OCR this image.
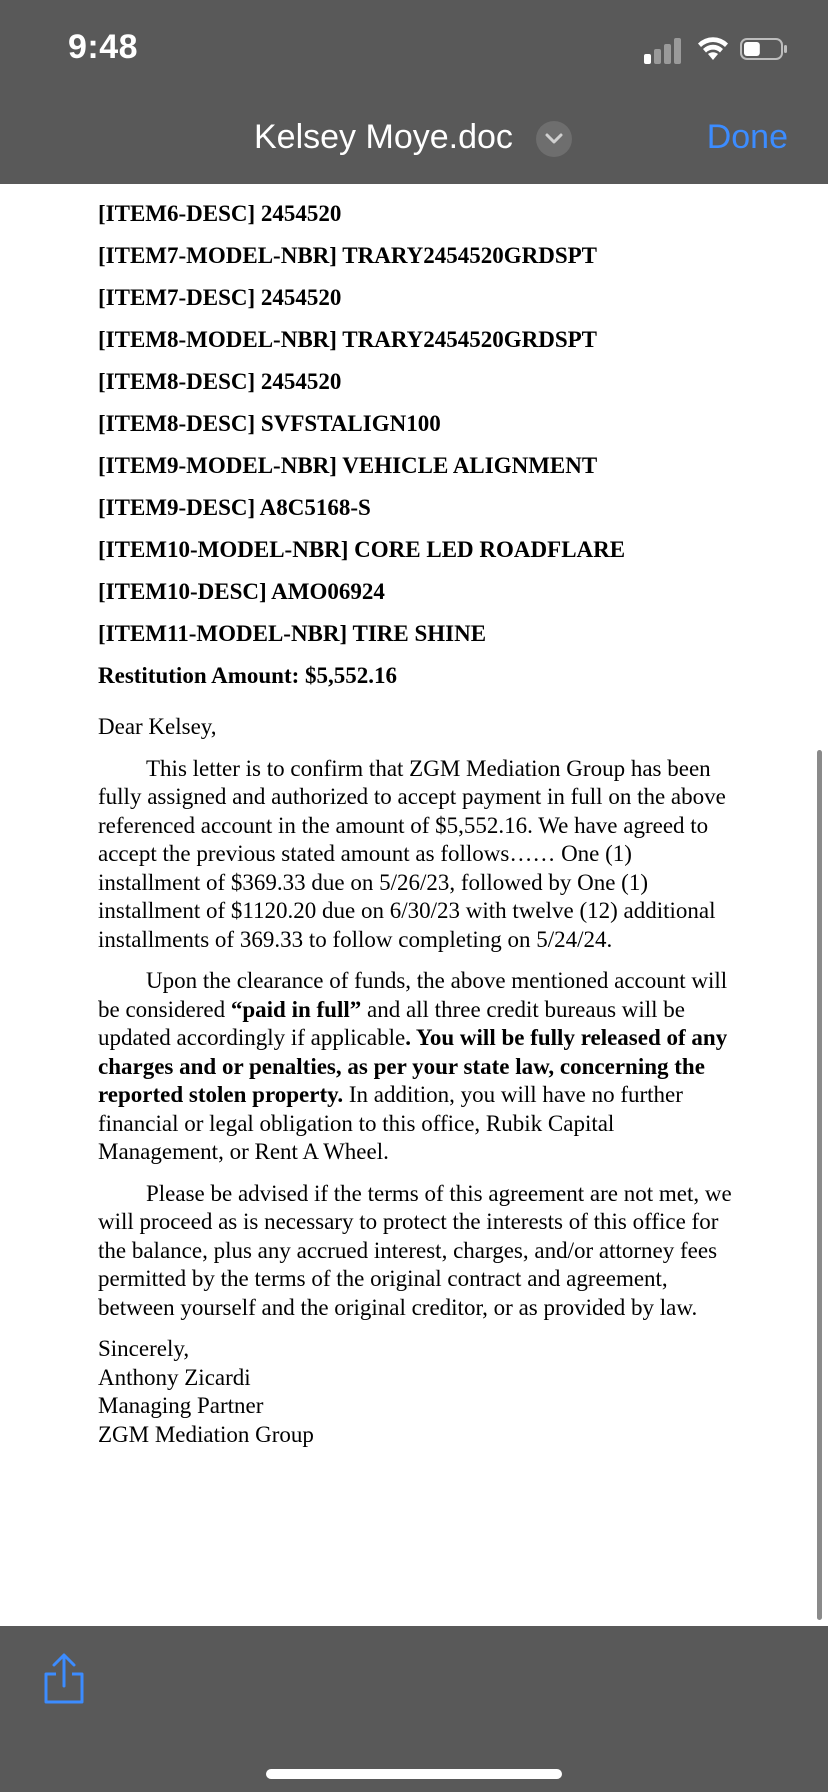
9:48
Kelsey Moye.doc	Done
[ITEM6-DESC] 2454520
[ITEM7-MODEL-NBR] TRARY2454520GRDSPT
[ITEM7-DESC] 2454520
[ITEM8-MODEL-NBR] TRARY2454520GRDSPT
[ITEM8-DESC] 2454520
[ITEM8-DESC] SVFSTALIGN100
[ITEM9-MODEL-NBR] VEHICLE ALIGNMENT
[ITEM9-DESC] A8C5168-S
[ITEM10-MODEL-NBR] CORE LED ROADFLARE
[ITEM10-DESC] AMO06924
[ITEM11-MODEL-NBR] TIRE SHINE
Restitution Amount: $5,552.16
Dear Kelsey,
This letter is to confirm that ZGM Mediation Group has been fully assigned and authorized to accept payment in full on the above referenced account in the amount of $5,552.16. We have agreed to accept the previous stated amount as follows…… One (1) installment of $369.33 due on 5/26/23, followed by One (1) installment of $1120.20 due on 6/30/23 with twelve (12) additional installments of 369.33 to follow completing on 5/24/24.
Upon the clearance of funds, the above mentioned account will be considered “paid in full” and all three credit bureaus will be updated accordingly if applicable. You will be fully released of any charges and or penalties, as per your state law, concerning the reported stolen property. In addition, you will have no further financial or legal obligation to this office, Rubik Capital Management, or Rent A Wheel.
Please be advised if the terms of this agreement are not met, we will proceed as is necessary to protect the interests of this office for the balance, plus any accrued interest, charges, and/or attorney fees permitted by the terms of the original contract and agreement, between yourself and the original creditor, or as provided by law.
Sincerely,
Anthony Zicardi
Managing Partner
ZGM Mediation Group
